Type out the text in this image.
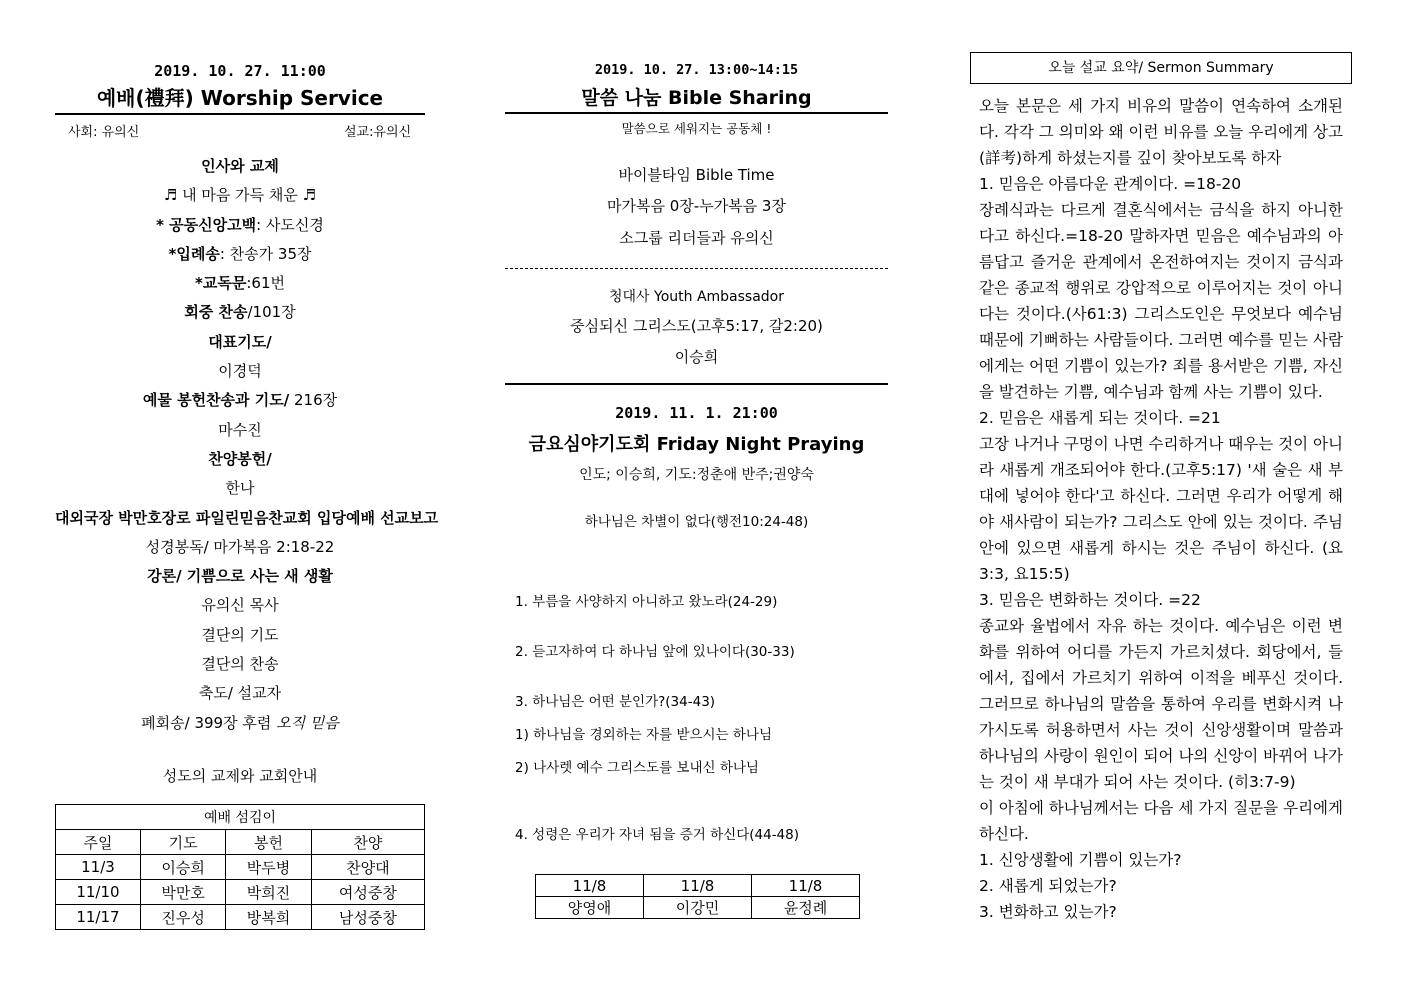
2019. 10. 27. 11:00
예배(禮拜) Worship Service
사회: 유의신	설교:유의신
인사와 교제
♬ 내 마음 가득 채운 ♬
* 공동신앙고백: 사도신경
*입례송: 찬송가 35장
*교독문:61번
회중 찬송/101장
대표기도/
이경덕
예물 봉헌찬송과 기도/ 216장
마수진
찬양봉헌/
한나
대외국장 박만호장로 파일린믿음찬교회 입당예배 선교보고
성경봉독/ 마가복음 2:18-22
강론/ 기쁨으로 사는 새 생활
유의신 목사
결단의 기도
결단의 찬송
축도/ 설교자
폐회송/ 399장 후렴 오직 믿음
성도의 교제와 교회안내
예배 섬김이			
주일	기도	봉헌	찬양
11/3	이승희	박두병	찬양대
11/10	박만호	박희진	여성중창
11/17	진우성	방복희	남성중창
2019. 10. 27. 13:00~14:15
말씀 나눔 Bible Sharing
말씀으로 세워지는 공동체 !
바이블타임 Bible Time
마가복음 0장-누가복음 3장
소그룹 리더들과 유의신
청대사 Youth Ambassador
중심되신 그리스도(고후5:17, 갈2:20)
이승희
2019. 11. 1. 21:00
금요심야기도회 Friday Night Praying
인도; 이승희, 기도:정춘애 반주;권양숙
하나님은 차별이 없다(행전10:24-48)
1. 부름을 사양하지 아니하고 왔노라(24-29)
2. 듣고자하여 다 하나님 앞에 있나이다(30-33)
3. 하나님은 어떤 분인가?(34-43)
1) 하나님을 경외하는 자를 받으시는 하나님
2) 나사렛 예수 그리스도를 보내신 하나님
4. 성령은 우리가 자녀 됨을 증거 하신다(44-48)
11/8	11/8	11/8
양영애	이강민	윤정례
오늘 설교 요약/ Sermon Summary

오늘 본문은 세 가지 비유의 말씀이 연속하여 소개된다. 각각 그 의미와 왜 이런 비유를 오늘 우리에게 상고(詳考)하게 하셨는지를 깊이 찾아보도록 하자

1. 믿음은 아름다운 관계이다. =18-20

장례식과는 다르게 결혼식에서는 금식을 하지 아니한다고 하신다.=18-20 말하자면 믿음은 예수님과의 아름답고 즐거운 관계에서 온전하여지는 것이지 금식과 같은 종교적 행위로 강압적으로 이루어지는 것이 아니다는 것이다.(사61:3) 그리스도인은 무엇보다 예수님 때문에 기뻐하는 사람들이다. 그러면 예수를 믿는 사람에게는 어떤 기쁨이 있는가? 죄를 용서받은 기쁨, 자신을 발견하는 기쁨, 예수님과 함께 사는 기쁨이 있다.

2. 믿음은 새롭게 되는 것이다. =21

고장 나거나 구멍이 나면 수리하거나 때우는 것이 아니라 새롭게 개조되어야 한다.(고후5:17) '새 술은 새 부대에 넣어야 한다'고 하신다. 그러면 우리가 어떻게 해야 새사람이 되는가? 그리스도 안에 있는 것이다. 주님 안에 있으면 새롭게 하시는 것은 주님이 하신다. (요3:3, 요15:5)

3. 믿음은 변화하는 것이다. =22

종교와 율법에서 자유 하는 것이다. 예수님은 이런 변화를 위하여 어디를 가든지 가르치셨다. 회당에서, 들에서, 집에서 가르치기 위하여 이적을 베푸신 것이다. 그러므로 하나님의 말씀을 통하여 우리를 변화시켜 나가시도록 허용하면서 사는 것이 신앙생활이며 말씀과 하나님의 사랑이 원인이 되어 나의 신앙이 바뀌어 나가는 것이 새 부대가 되어 사는 것이다. (히3:7-9)

이 아침에 하나님께서는 다음 세 가지 질문을 우리에게 하신다.

1. 신앙생활에 기쁨이 있는가?

2. 새롭게 되었는가?

3. 변화하고 있는가?
